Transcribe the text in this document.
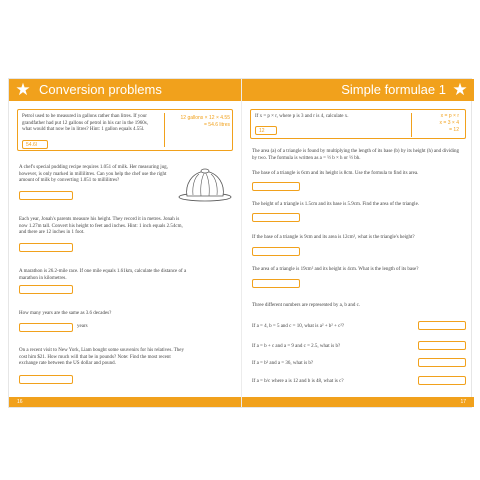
★ Conversion problems
Petrol used to be measured in gallons rather than litres. If your grandfather had put 12 gallons of petrol in his car in the 1960s, what would that now be in litres? Hint: 1 gallon equals 4.55l.
12 gallons × 12 × 4.55
= 54.6 litres
54.6l
A chef's special pudding recipe requires 1.051 of milk. Her measuring jug, however, is only marked in millilitres. Can you help the chef use the right amount of milk by converting 1.051 to millilitres?
Each year, Jonah's parents measure his height. They record it in metres. Jonah is now 1.27m tall. Convert his height to feet and inches. Hint: 1 inch equals 2.54cm, and there are 12 inches in 1 foot.
A marathon is 26.2-mile race. If one mile equals 1.61km, calculate the distance of a marathon in kilometres.
How many years are the same as 3.6 decades?
years
On a recent visit to New York, Liam bought some souvenirs for his relatives. They cost him $21. How much will that be in pounds? Note: Find the most recent exchange rate between the US dollar and pound.
16
Simple formulae 1 ★
If x = p × r, where p is 3 and r is 4, calculate x.
12
x = p × r
x = 3 × 4
= 12
The area (a) of a triangle is found by multiplying the length of its base (b) by its height (h) and dividing by two. The formula is written as a = ½ b × h or ½ bh.
The base of a triangle is 6cm and its height is 8cm. Use the formula to find its area.
The height of a triangle is 1.5cm and its base is 5.9cm. Find the area of the triangle.
If the base of a triangle is 9cm and its area is 12cm², what is the triangle's height?
The area of a triangle is 19cm² and its height is 4cm. What is the length of its base?
Three different numbers are represented by a, b and c.
If a = 4, b = 5 and c = 10, what is a² + b² + c²?
If a = b + c and a = 9 and c = 2.5, what is b?
If a = b² and a = 36, what is b?
If a = b/c where a is 12 and b is 48, what is c?
17
